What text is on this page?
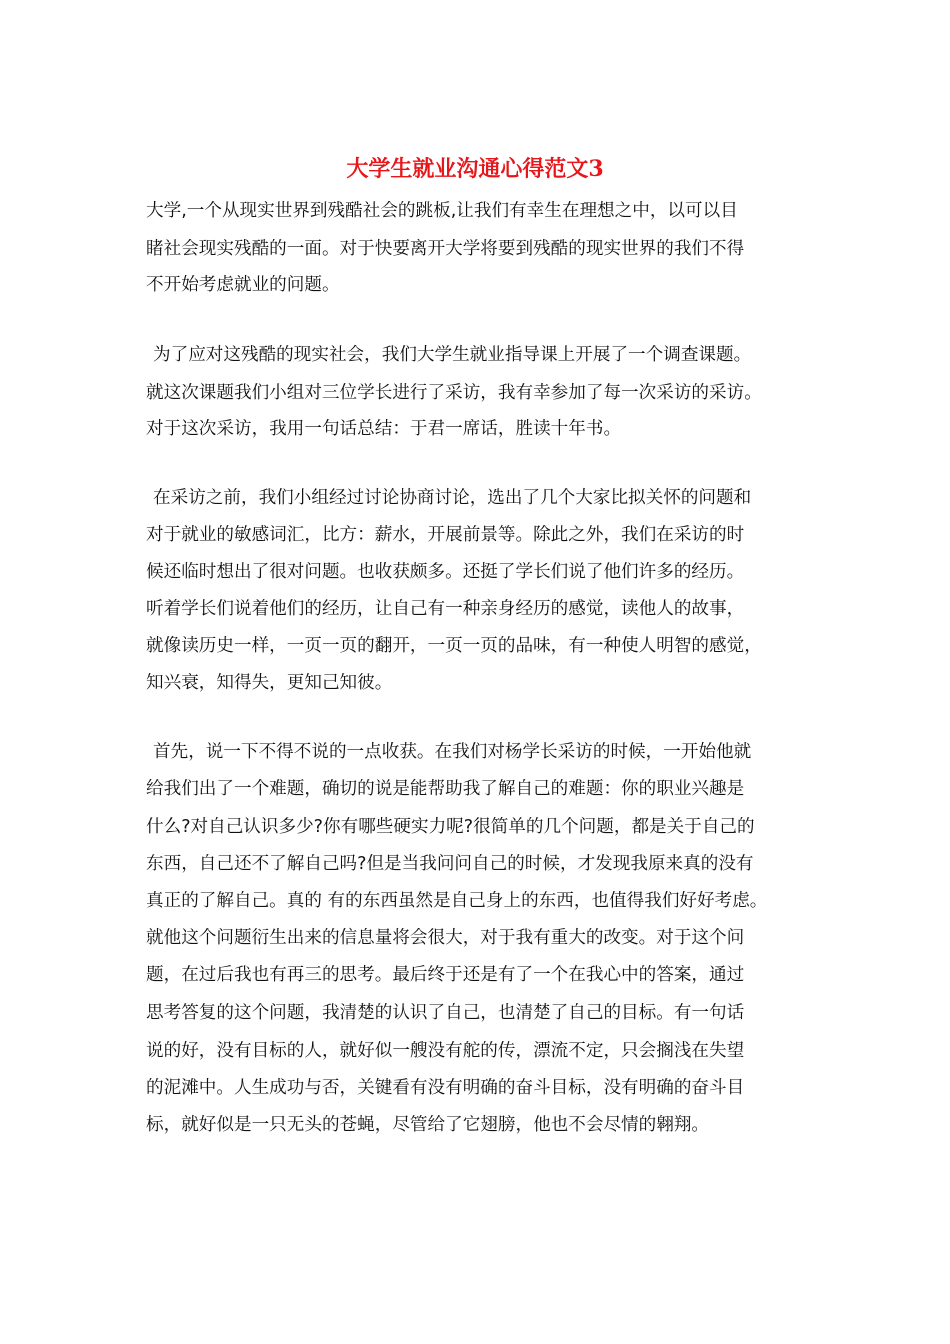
大学生就业沟通心得范文3

大学,一个从现实世界到残酷社会的跳板,让我们有幸生在理想之中，以可以目

睹社会现实残酷的一面。对于快要离开大学将要到残酷的现实世界的我们不得

不开始考虑就业的问题。

为了应对这残酷的现实社会，我们大学生就业指导课上开展了一个调查课题。

就这次课题我们小组对三位学长进行了采访，我有幸参加了每一次采访的采访。

对于这次采访，我用一句话总结：于君一席话，胜读十年书。

在采访之前，我们小组经过讨论协商讨论，选出了几个大家比拟关怀的问题和

对于就业的敏感词汇，比方：薪水，开展前景等。除此之外，我们在采访的时

候还临时想出了很对问题。也收获颇多。还挺了学长们说了他们许多的经历。

听着学长们说着他们的经历，让自己有一种亲身经历的感觉，读他人的故事，

就像读历史一样，一页一页的翻开，一页一页的品味，有一种使人明智的感觉，

知兴衰，知得失，更知己知彼。

首先，说一下不得不说的一点收获。在我们对杨学长采访的时候，一开始他就

给我们出了一个难题，确切的说是能帮助我了解自己的难题：你的职业兴趣是

什么?对自己认识多少?你有哪些硬实力呢?很简单的几个问题，都是关于自己的

东西，自己还不了解自己吗?但是当我问问自己的时候，才发现我原来真的没有

真正的了解自己。真的 有的东西虽然是自己身上的东西，也值得我们好好考虑。

就他这个问题衍生出来的信息量将会很大，对于我有重大的改变。对于这个问

题，在过后我也有再三的思考。最后终于还是有了一个在我心中的答案，通过

思考答复的这个问题，我清楚的认识了自己，也清楚了自己的目标。有一句话

说的好，没有目标的人，就好似一艘没有舵的传，漂流不定，只会搁浅在失望

的泥滩中。人生成功与否，关键看有没有明确的奋斗目标，没有明确的奋斗目

标，就好似是一只无头的苍蝇，尽管给了它翅膀，他也不会尽情的翱翔。
